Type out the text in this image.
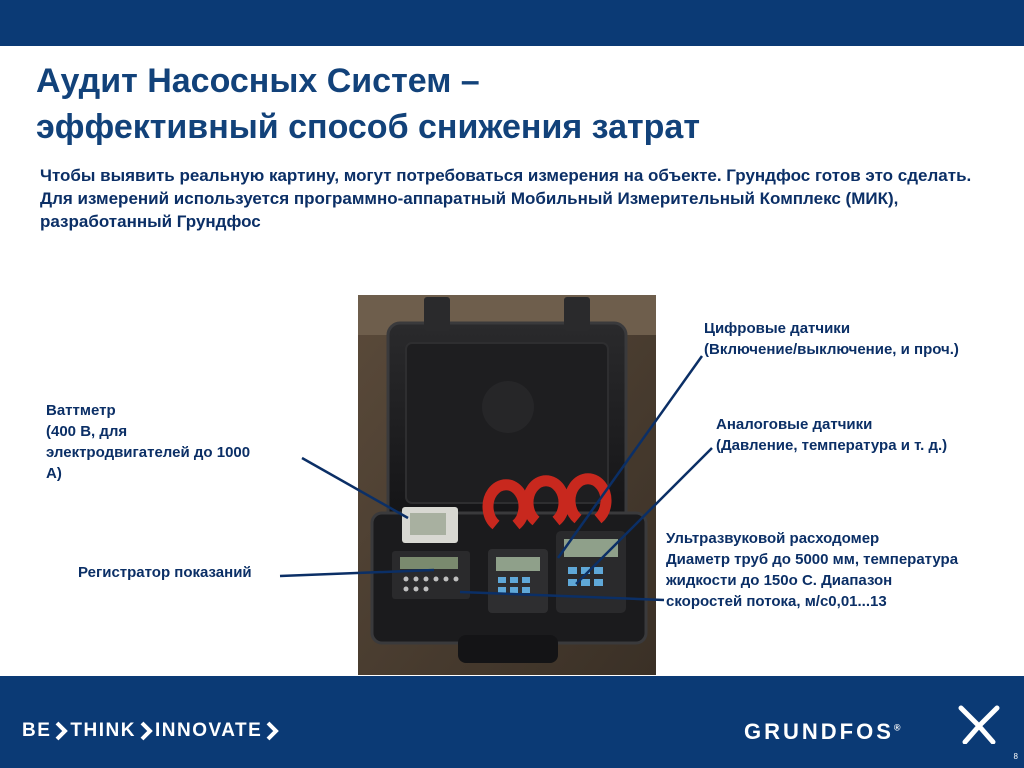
Аудит Насосных Систем –
эффективный способ снижения затрат

Чтобы выявить реальную картину, могут потребоваться измерения на объекте. Грундфос готов это сделать.

Для измерений используется программно-аппаратный Мобильный Измерительный Комплекс (МИК), разработанный Грундфос

Ваттметр
(400 В, для
электродвигателей до 1000
А)
Регистратор показаний
Цифровые датчики
(Включение/выключение, и проч.)
Аналоговые датчики
(Давление, температура и т. д.)
Ультразвуковой расходомер
Диаметр труб до 5000 мм, температура
жидкости до 150о С. Диапазон
скоростей потока, м/с0,01...13
BE THINK INNOVATE	GRUNDFOS®
8
